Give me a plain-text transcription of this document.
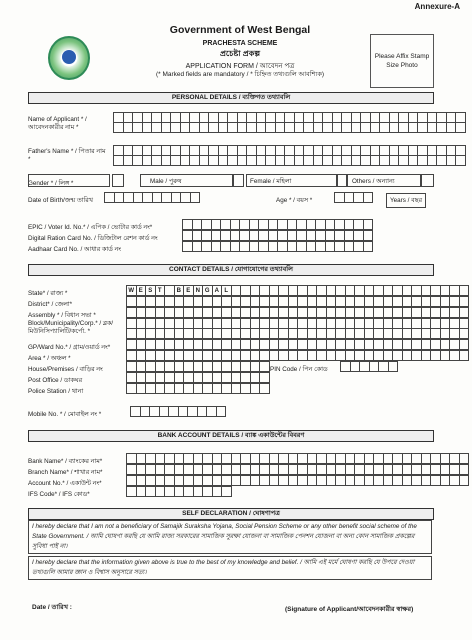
Annexure-A
Government of West Bengal
PRACHESTA SCHEME
প্রচেষ্টা প্রকল্প
APPLICATION FORM / আবেদন পত্র
(* Marked fields are mandatory / * চিহ্নিত তথ্যগুলি আবশ্যিক)
Please Affix Stamp Size Photo
PERSONAL DETAILS / ব্যক্তিগত তথ্যাবলি
Name of Applicant * / আবেদনকারীর নাম *

Father's Name * / পিতার নাম *

Gender * / লিঙ্গ *	Male / পুরুষ	Female / মহিলা	Others / অন্যান্য
Date of Birth/জন্ম তারিখ
										Age * / বয়স *
				Years / বছর
EPIC / Voter Id. No.* / এপিক / ভোটার কার্ড নং*

Digital Ration Card No. / ডিজিটাল রেশন কার্ড নং

Aadhaar Card No. / আধার কার্ড নং

CONTACT DETAILS / যোগাযোগের তথ্যাবলি
State* / রাজ্য *	W	E	S	T		B	E	N	G	A	L																									
District* / জেলা*

Assembly * / বিধান সভা *

Block/Municipality/Corp.* / ব্লক/মিউনিসিপ্যালিটি/কর্পো. *

GP/Ward No.* / গ্রাম/ওয়ার্ড নং*

Area * / অঞ্চল *

House/Premises / বাড়ির নং
															PIN Code / পিন কোড

Post Office / ডাকঘর

Police Station / থানা

Mobile No. * / মোবাইল নং *

BANK ACCOUNT DETAILS / ব্যাঙ্ক একাউন্টের বিবরণ
Bank Name* / ব্যাংকের নাম*

Branch Name* / শাখার নাম*

Account No.* / একাউন্ট নং*

IFS Code* / IFS কোড*

SELF DECLARATION / ঘোষণাপত্র
I hereby declare that I am not a beneficiary of Samajik Suraksha Yojana, Social Pension Scheme or any other benefit social scheme of the State Government. / আমি ঘোষণা করছি যে আমি রাজ্য সরকারের সামাজিক সুরক্ষা যোজনা বা সামাজিক পেনশন যোজনা বা অন্য কোন সামাজিক প্রকল্পের সুবিধা পাই না।
I hereby declare that the information given above is true to the best of my knowledge and belief. / আমি এই মর্মে ঘোষণা করছি যে উপরে দেওয়া তথ্যগুলি আমার জ্ঞান ও বিশ্বাস অনুসারে সত্য।
Date / তারিখ :	(Signature of Applicant/আবেদনকারীর স্বাক্ষর)
